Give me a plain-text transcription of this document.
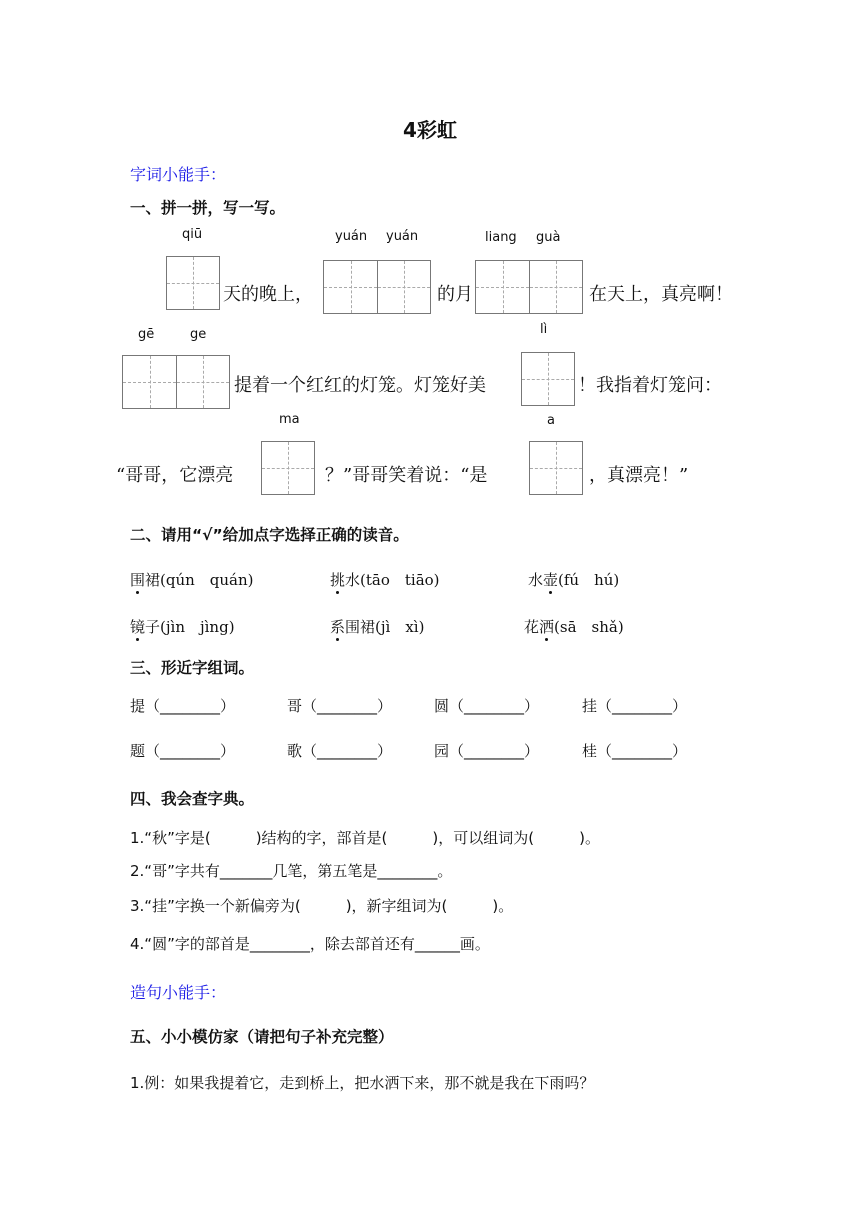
4彩虹
字词小能手：
一、拼一拼，写一写。
qiū
天的晚上，
yuán yuán
的月
liang guà
在天上，真亮啊！
gē	ge
提着一个红红的灯笼。灯笼好美
lì
！我指着灯笼问：
ma
“哥哥，它漂亮	？”哥哥笑着说：“是
a
，真漂亮！”
二、请用“√”给加点字选择正确的读音。
围裙(qún　quán)	挑水(tāo　tiāo)	水壶(fú　hú)
镜子(jìn　jìng)	系围裙(jì　xì)	花洒(sā　shǎ)
三、形近字组词。
提（________）	哥（________）	圆（________）	挂（________）
题（________）	歌（________）	园（________）	桂（________）
四、我会查字典。
1.“秋”字是(　　　)结构的字，部首是(　　　)，可以组词为(　　　)。
2.“哥”字共有_______几笔，第五笔是________。
3.“挂”字换一个新偏旁为(　　　)，新字组词为(　　　)。
4.“圆”字的部首是________，除去部首还有______画。
造句小能手：
五、小小模仿家（请把句子补充完整）
1.例：如果我提着它，走到桥上，把水洒下来，那不就是我在下雨吗？
